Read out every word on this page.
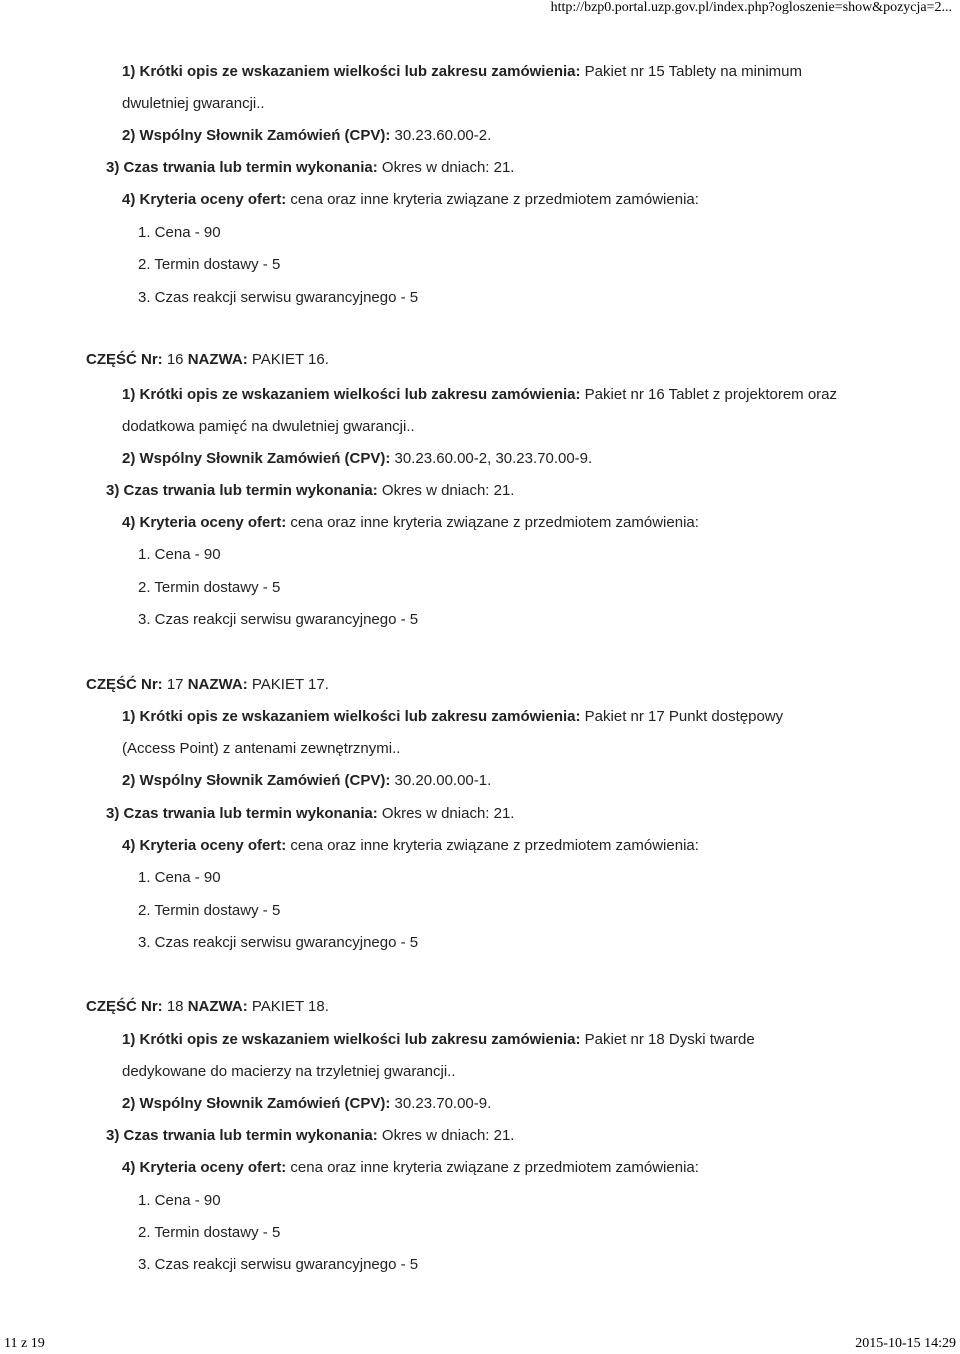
http://bzp0.portal.uzp.gov.pl/index.php?ogloszenie=show&pozycja=2...
1) Krótki opis ze wskazaniem wielkości lub zakresu zamówienia: Pakiet nr 15 Tablety na minimum
dwuletniej gwarancji..
2) Wspólny Słownik Zamówień (CPV): 30.23.60.00-2.
3) Czas trwania lub termin wykonania: Okres w dniach: 21.
4) Kryteria oceny ofert: cena oraz inne kryteria związane z przedmiotem zamówienia:
1. Cena - 90
2. Termin dostawy - 5
3. Czas reakcji serwisu gwarancyjnego - 5
CZĘŚĆ Nr: 16 NAZWA: PAKIET 16.
1) Krótki opis ze wskazaniem wielkości lub zakresu zamówienia: Pakiet nr 16 Tablet z projektorem oraz
dodatkowa pamięć na dwuletniej gwarancji..
2) Wspólny Słownik Zamówień (CPV): 30.23.60.00-2, 30.23.70.00-9.
3) Czas trwania lub termin wykonania: Okres w dniach: 21.
4) Kryteria oceny ofert: cena oraz inne kryteria związane z przedmiotem zamówienia:
1. Cena - 90
2. Termin dostawy - 5
3. Czas reakcji serwisu gwarancyjnego - 5
CZĘŚĆ Nr: 17 NAZWA: PAKIET 17.
1) Krótki opis ze wskazaniem wielkości lub zakresu zamówienia: Pakiet nr 17 Punkt dostępowy
(Access Point) z antenami zewnętrznymi..
2) Wspólny Słownik Zamówień (CPV): 30.20.00.00-1.
3) Czas trwania lub termin wykonania: Okres w dniach: 21.
4) Kryteria oceny ofert: cena oraz inne kryteria związane z przedmiotem zamówienia:
1. Cena - 90
2. Termin dostawy - 5
3. Czas reakcji serwisu gwarancyjnego - 5
CZĘŚĆ Nr: 18 NAZWA: PAKIET 18.
1) Krótki opis ze wskazaniem wielkości lub zakresu zamówienia: Pakiet nr 18 Dyski twarde
dedykowane do macierzy na trzyletniej gwarancji..
2) Wspólny Słownik Zamówień (CPV): 30.23.70.00-9.
3) Czas trwania lub termin wykonania: Okres w dniach: 21.
4) Kryteria oceny ofert: cena oraz inne kryteria związane z przedmiotem zamówienia:
1. Cena - 90
2. Termin dostawy - 5
3. Czas reakcji serwisu gwarancyjnego - 5
11 z 19	2015-10-15 14:29
